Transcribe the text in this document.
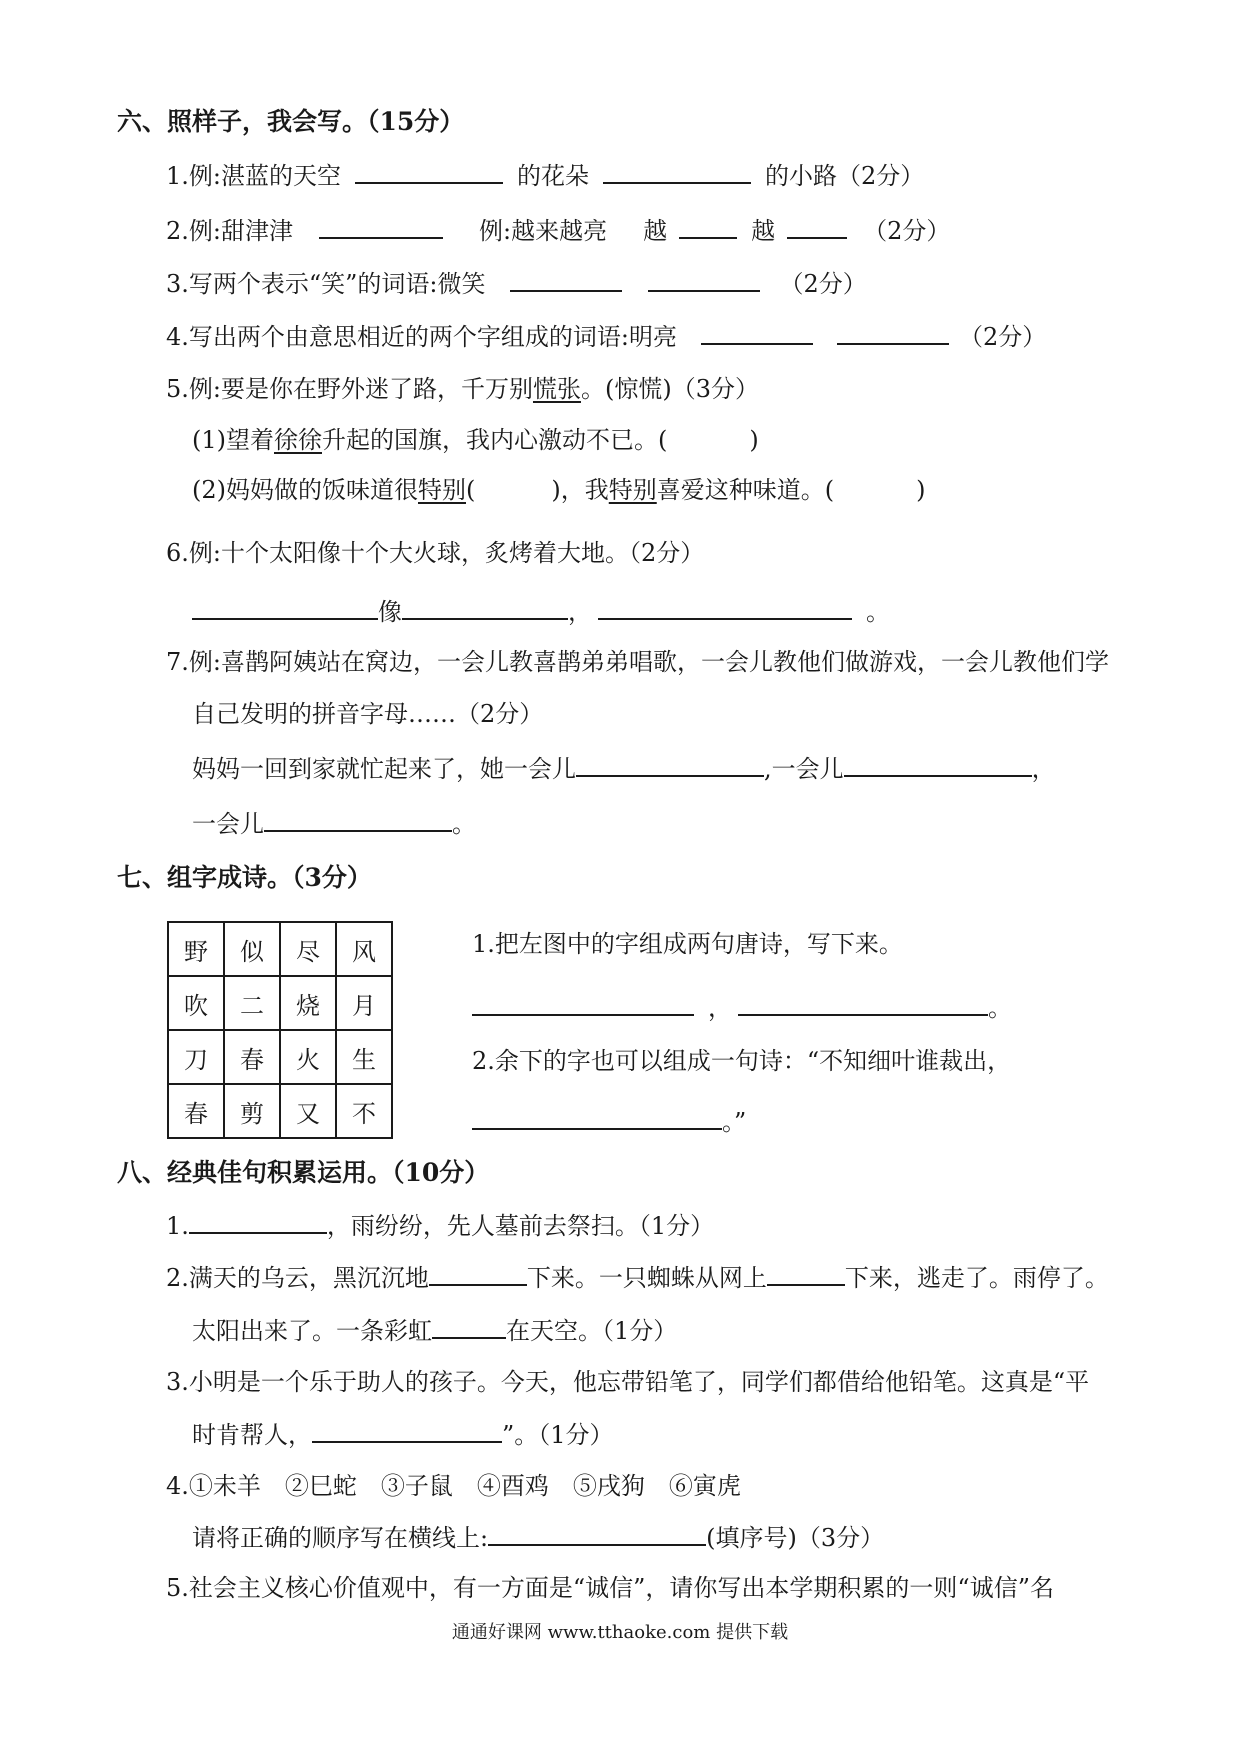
六、照样子，我会写。（15分）
1.例:湛蓝的天空	的花朵	的小路（2分）
2.例:甜津津	例:越来越亮 越	越	（2分）
3.写两个表示“笑”的词语:微笑	（2分）
4.写出两个由意思相近的两个字组成的词语:明亮	（2分）
5.例:要是你在野外迷了路，千万别慌张。(惊慌)（3分）
(1)望着徐徐升起的国旗，我内心激动不已。(	)
(2)妈妈做的饭味道很特别(	)，我特别喜爱这种味道。(	)
6.例:十个太阳像十个大火球，炙烤着大地。（2分）
像	，	。
7.例:喜鹊阿姨站在窝边，一会儿教喜鹊弟弟唱歌，一会儿教他们做游戏，一会儿教他们学
自己发明的拼音字母……（2分）
妈妈一回到家就忙起来了，她一会儿	,一会儿	，
一会儿	。
七、组字成诗。（3分）
野	似	尽	风
吹	二	烧	月
刀	春	火	生
春	剪	又	不
1.把左图中的字组成两句唐诗，写下来。
，	。
2.余下的字也可以组成一句诗：“不知细叶谁裁出，
。”
八、经典佳句积累运用。（10分）
1.	，雨纷纷，先人墓前去祭扫。（1分）
2.满天的乌云，黑沉沉地	下来。一只蜘蛛从网上	下来，逃走了。雨停了。
太阳出来了。一条彩虹	在天空。（1分）
3.小明是一个乐于助人的孩子。今天，他忘带铅笔了，同学们都借给他铅笔。这真是“平
时肯帮人，	”。（1分）
4.①未羊　②巳蛇　③子鼠　④酉鸡　⑤戌狗　⑥寅虎
请将正确的顺序写在横线上:	(填序号)（3分）
5.社会主义核心价值观中，有一方面是“诚信”，请你写出本学期积累的一则“诚信”名
通通好课网 www.tthaoke.com 提供下载
